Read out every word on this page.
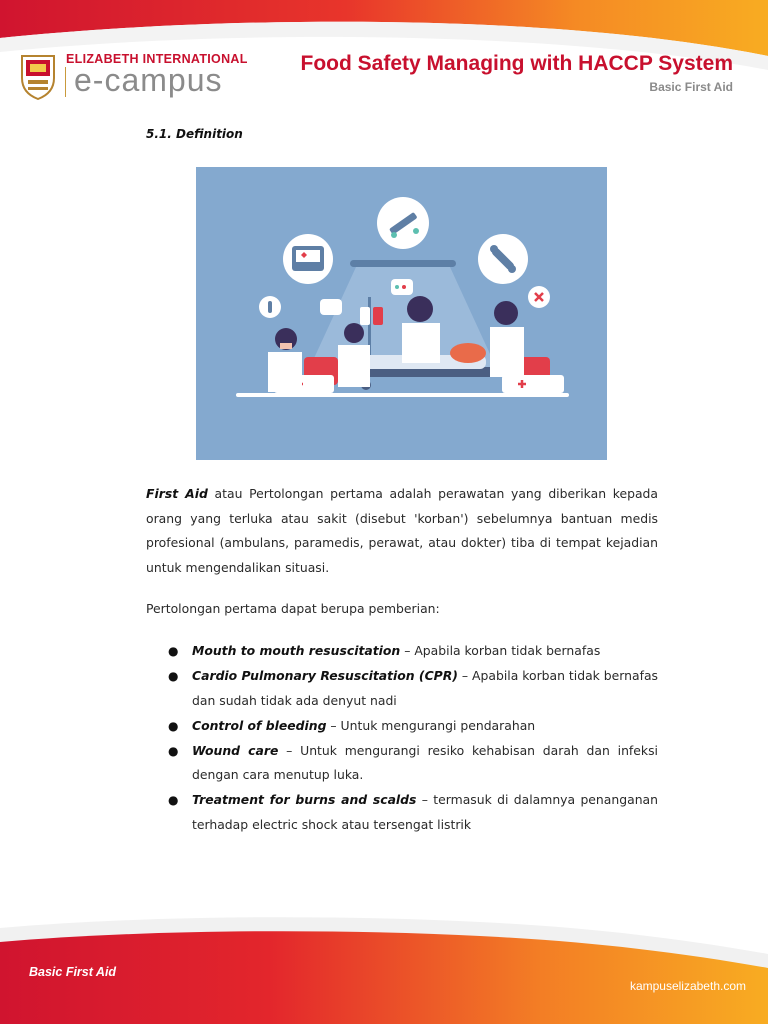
ELIZABETH INTERNATIONAL
e-campus	Food Safety Managing with HACCP System
Basic First Aid
5.1. Definition

First Aid atau Pertolongan pertama adalah perawatan yang diberikan kepada orang yang terluka atau sakit (disebut 'korban') sebelumnya bantuan medis profesional (ambulans, paramedis, perawat, atau dokter) tiba di tempat kejadian untuk mengendalikan situasi.

Pertolongan pertama dapat berupa pemberian:

● Mouth to mouth resuscitation – Apabila korban tidak bernafas
● Cardio Pulmonary Resuscitation (CPR) – Apabila korban tidak bernafas dan sudah tidak ada denyut nadi
● Control of bleeding – Untuk mengurangi pendarahan
● Wound care – Untuk mengurangi resiko kehabisan darah dan infeksi dengan cara menutup luka.
● Treatment for burns and scalds – termasuk di dalamnya penanganan terhadap electric shock atau tersengat listrik
Basic First Aid
kampuselizabeth.com
